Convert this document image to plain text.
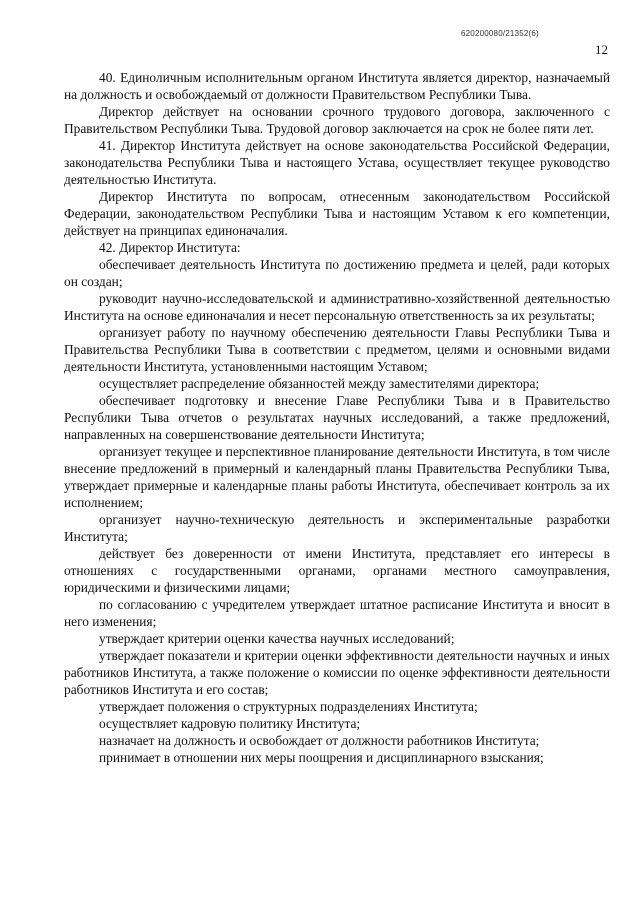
620200080/21352(6)
12

40. Единоличным исполнительным органом Института является директор, назначаемый на должность и освобождаемый от должности Правительством Республики Тыва.

Директор действует на основании срочного трудового договора, заключенного с Правительством Республики Тыва. Трудовой договор заключается на срок не более пяти лет.

41. Директор Института действует на основе законодательства Российской Федерации, законодательства Республики Тыва и настоящего Устава, осуществляет текущее руководство деятельностью Института.

Директор Института по вопросам, отнесенным законодательством Российской Федерации, законодательством Республики Тыва и настоящим Уставом к его компетенции, действует на принципах единоначалия.

42. Директор Института:

обеспечивает деятельность Института по достижению предмета и целей, ради которых он создан;

руководит научно-исследовательской и административно-хозяйственной деятельностью Института на основе единоначалия и несет персональную ответственность за их результаты;

организует работу по научному обеспечению деятельности Главы Республики Тыва и Правительства Республики Тыва в соответствии с предметом, целями и основными видами деятельности Института, установленными настоящим Уставом;

осуществляет распределение обязанностей между заместителями директора;

обеспечивает подготовку и внесение Главе Республики Тыва и в Правительство Республики Тыва отчетов о результатах научных исследований, а также предложений, направленных на совершенствование деятельности Института;

организует текущее и перспективное планирование деятельности Института, в том числе внесение предложений в примерный и календарный планы Правительства Республики Тыва, утверждает примерные и календарные планы работы Института, обеспечивает контроль за их исполнением;

организует научно-техническую деятельность и экспериментальные разработки Института;

действует без доверенности от имени Института, представляет его интересы в отношениях с государственными органами, органами местного самоуправления, юридическими и физическими лицами;

по согласованию с учредителем утверждает штатное расписание Института и вносит в него изменения;

утверждает критерии оценки качества научных исследований;

утверждает показатели и критерии оценки эффективности деятельности научных и иных работников Института, а также положение о комиссии по оценке эффективности деятельности работников Института и его состав;

утверждает положения о структурных подразделениях Института;

осуществляет кадровую политику Института;

назначает на должность и освобождает от должности работников Института;

принимает в отношении них меры поощрения и дисциплинарного взыскания;
